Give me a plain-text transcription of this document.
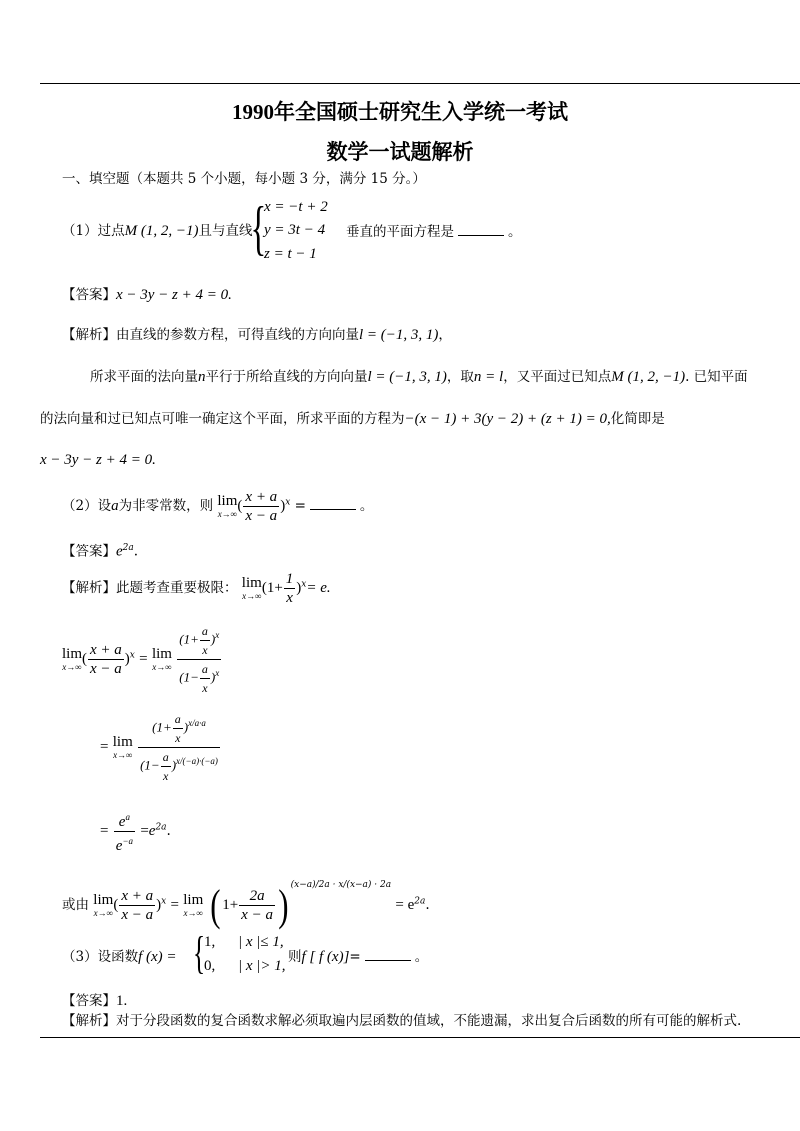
1990年全国硕士研究生入学统一考试
数学一试题解析
一、填空题（本题共 5 个小题，每小题 3 分，满分 15 分。）
（1）过点M (1, 2, −1)且与直线
{
x = −t + 2
y = 3t − 4
z = t − 1
垂直的平面方程是	。
【答案】x − 3y − z + 4 = 0.
【解析】由直线的参数方程，可得直线的方向向量l = (−1, 3, 1)，
所求平面的法向量n平行于所给直线的方向向量l = (−1, 3, 1)，取n = l，又平面过已知点M (1, 2, −1). 已知平面
的法向量和过已知点可唯一确定这个平面，所求平面的方程为−(x − 1) + 3(y − 2) + (z + 1) = 0,化简即是
x − 3y − z + 4 = 0.
（2）设a为非零常数，则 lim
x→∞ ( $\frac{x + a}{x - a} )^x$ =	。
【答案】$e^{2a}$.
【解析】此题考查重要极限： lim
x→∞ $(1+ \frac{1}{x} )^x= e$.
lim
x→∞ ( $\frac{x + a}{x - a} )^x = \lim$
x→∞
$\frac{(1+ \frac{a}{x} )^x}{(1- \frac{a}{x} )^x}$
= lim
x→∞
$\frac{(1+ \frac{a}{x} )^{x/a\cdot a}}{(1- \frac{a}{x} )^{x/(-a)\cdot(-a)}}$
= $\frac{e^a}{e^{-a}} =e^{2a}$.
或由 lim
x→∞ ( $\frac{x + a}{x - a} )^x = \lim$
x→∞ ( $1+ \frac{2a}{x - a}$ ) $^{(x-a)/2a \cdot x/(x-a) \cdot 2a} = e^{2a}$.
（3）设函数f (x) = {
1, | x |≤ 1,
0, | x |> 1,
则f [ f (x)]=	。
【答案】1.
【解析】对于分段函数的复合函数求解必须取遍内层函数的值域，不能遗漏，求出复合后函数的所有可能的解析式.
